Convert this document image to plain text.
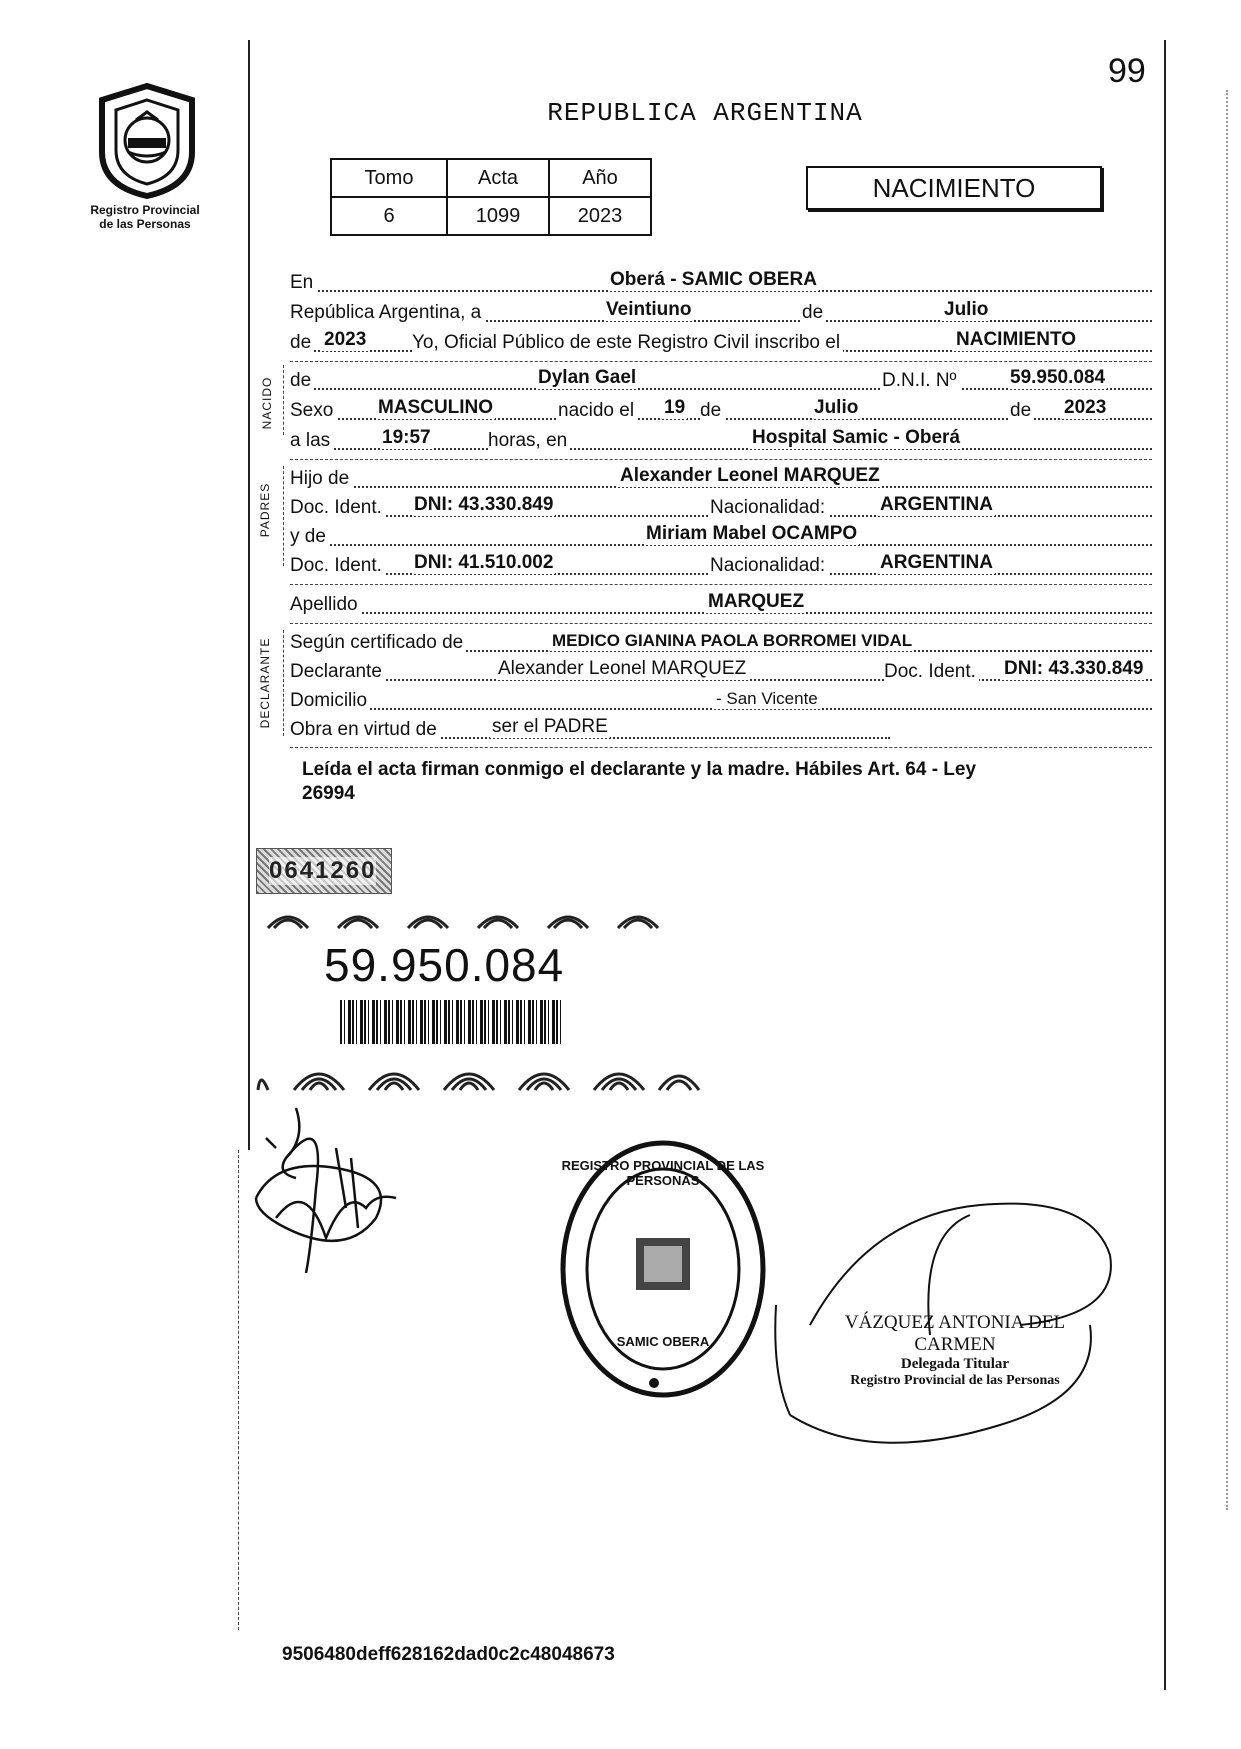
99
Registro Provincial
de las Personas
REPUBLICA ARGENTINA
Tomo	Acta	Año
6	1099	2023
NACIMIENTO
NACIDO
PADRES
DECLARANTE
En	Oberá - SAMIC OBERA
República Argentina, a	Veintiuno	de	Julio
de 2023 Yo, Oficial Público de este Registro Civil inscribo el	NACIMIENTO
de	Dylan Gael	D.N.I. Nº	59.950.084
Sexo MASCULINO	nacido el 19 de	Julio	de 2023
a las	19:57	horas, en	Hospital Samic - Oberá
Hijo de	Alexander Leonel MARQUEZ
Doc. Ident. DNI: 43.330.849	Nacionalidad:	ARGENTINA
y de	Miriam Mabel OCAMPO
Doc. Ident. DNI: 41.510.002	Nacionalidad:	ARGENTINA
Apellido	MARQUEZ
Según certificado de	MEDICO GIANINA PAOLA BORROMEI VIDAL
Declarante	Alexander Leonel MARQUEZ	Doc. Ident. DNI: 43.330.849
Domicilio	- San Vicente
Obra en virtud de	ser el PADRE
Leída el acta firman conmigo el declarante y la madre. Hábiles Art. 64 - Ley
26994
0641260
59.950.084
REGISTRO PROVINCIAL DE LAS PERSONAS
SAMIC OBERA
VÁZQUEZ ANTONIA DEL CARMEN
Delegada Titular
Registro Provincial de las Personas
9506480deff628162dad0c2c48048673
